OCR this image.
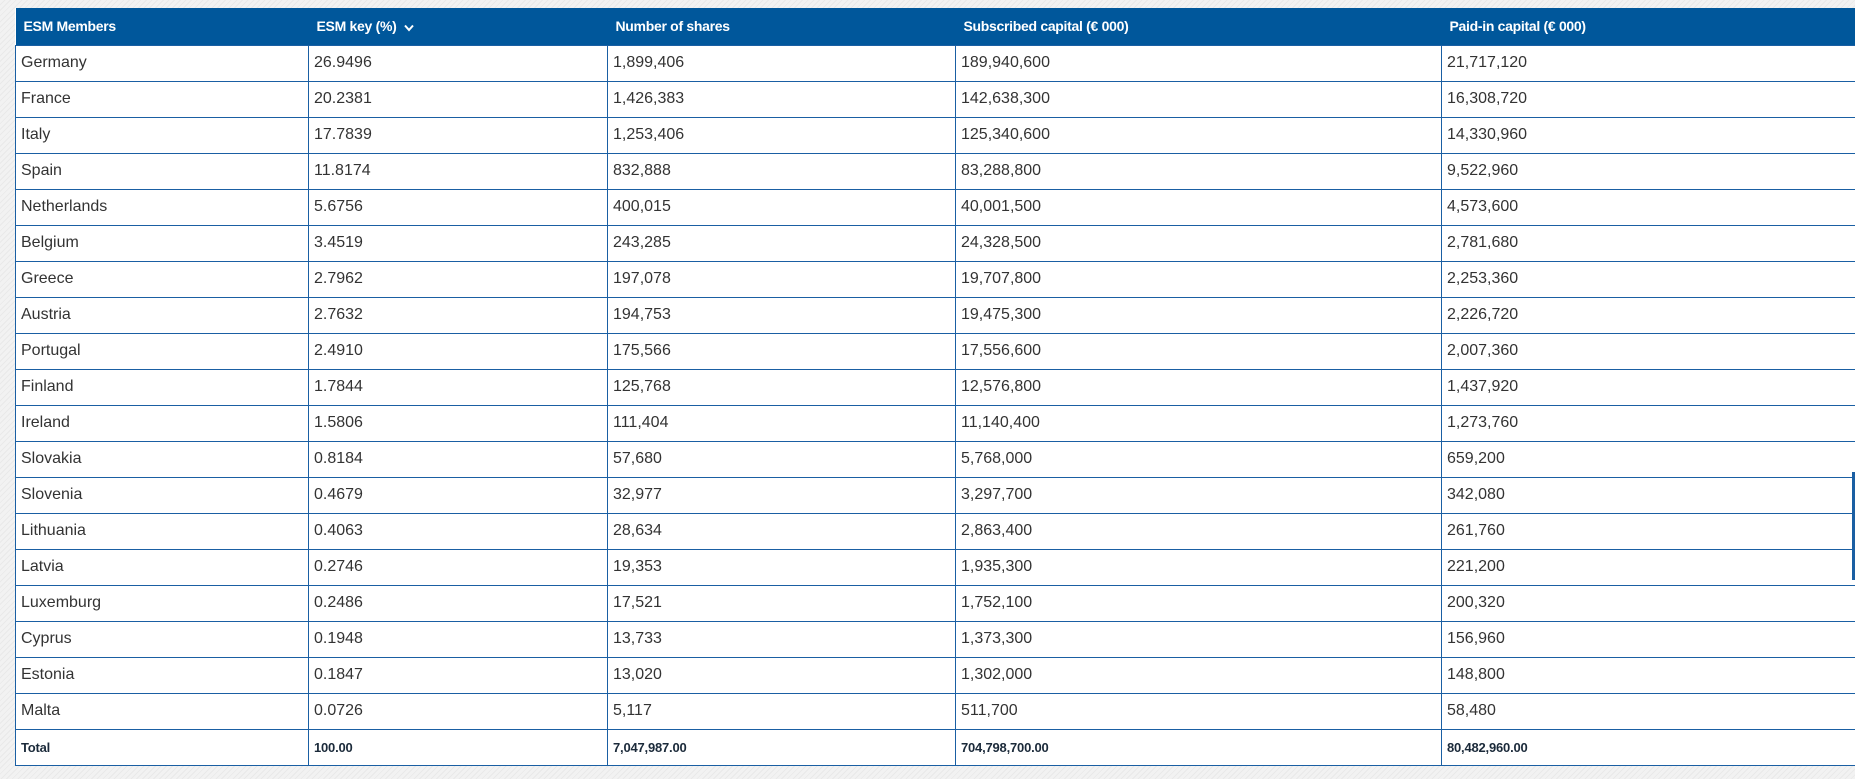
ESM Members	ESM key (%)	Number of shares	Subscribed capital (€ 000)	Paid-in capital (€ 000)
Germany	26.9496	1,899,406	189,940,600	21,717,120
France	20.2381	1,426,383	142,638,300	16,308,720
Italy	17.7839	1,253,406	125,340,600	14,330,960
Spain	11.8174	832,888	83,288,800	9,522,960
Netherlands	5.6756	400,015	40,001,500	4,573,600
Belgium	3.4519	243,285	24,328,500	2,781,680
Greece	2.7962	197,078	19,707,800	2,253,360
Austria	2.7632	194,753	19,475,300	2,226,720
Portugal	2.4910	175,566	17,556,600	2,007,360
Finland	1.7844	125,768	12,576,800	1,437,920
Ireland	1.5806	111,404	11,140,400	1,273,760
Slovakia	0.8184	57,680	5,768,000	659,200
Slovenia	0.4679	32,977	3,297,700	342,080
Lithuania	0.4063	28,634	2,863,400	261,760
Latvia	0.2746	19,353	1,935,300	221,200
Luxemburg	0.2486	17,521	1,752,100	200,320
Cyprus	0.1948	13,733	1,373,300	156,960
Estonia	0.1847	13,020	1,302,000	148,800
Malta	0.0726	5,117	511,700	58,480
Total	100.00	7,047,987.00	704,798,700.00	80,482,960.00
